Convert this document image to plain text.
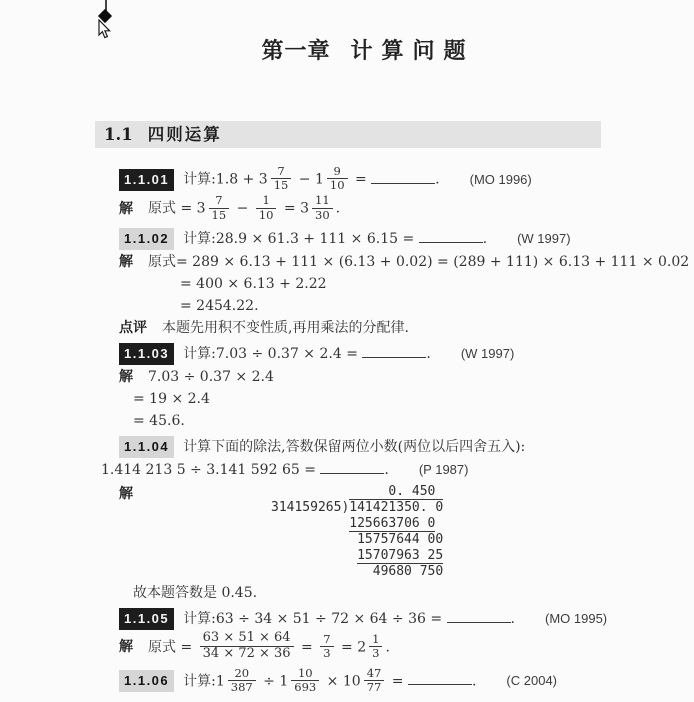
第一章 计算问题
1.1 四则运算
1.1.01 计算:1.8 + $3 \frac{7}{15} - 1 \frac{9}{10}$ =	. (MO 1996)
解 原式 = $3 \frac{7}{15} - \frac{1}{10} = 3 \frac{11}{30}$ .
1.1.02 计算:28.9 × 61.3 + 111 × 6.15 =	. (W 1997)
解 原式= 289 × 6.13 + 111 × (6.13 + 0.02) = (289 + 111) × 6.13 + 111 × 0.02
= 400 × 6.13 + 2.22
= 2454.22.
点评 本题先用积不变性质,再用乘法的分配律.
1.1.03 计算:7.03 ÷ 0.37 × 2.4 =	. (W 1997)
解 7.03 ÷ 0.37 × 2.4
= 19 × 2.4
= 45.6.
1.1.04 计算下面的除法,答数保留两位小数(两位以后四舍五入):
1.414 213 5 ÷ 3.141 592 65 =	. (P 1987)
解	0. 450
314159265)141421350. 0
125663706 0
15757644 00
15707963 25
49680 750
故本题答数是 0.45.
1.1.05 计算:63 ÷ 34 × 51 ÷ 72 × 64 ÷ 36 =	. (MO 1995)
解 原式 = $\frac{63 \times 51 \times 64}{34 \times 72 \times 36} = \frac{7}{3} = 2 \frac{1}{3}$ .
1.1.06 计算:1 $\frac{20}{387} \div 1 \frac{10}{693} \times 10 \frac{47}{77}$ =	. (C 2004)
